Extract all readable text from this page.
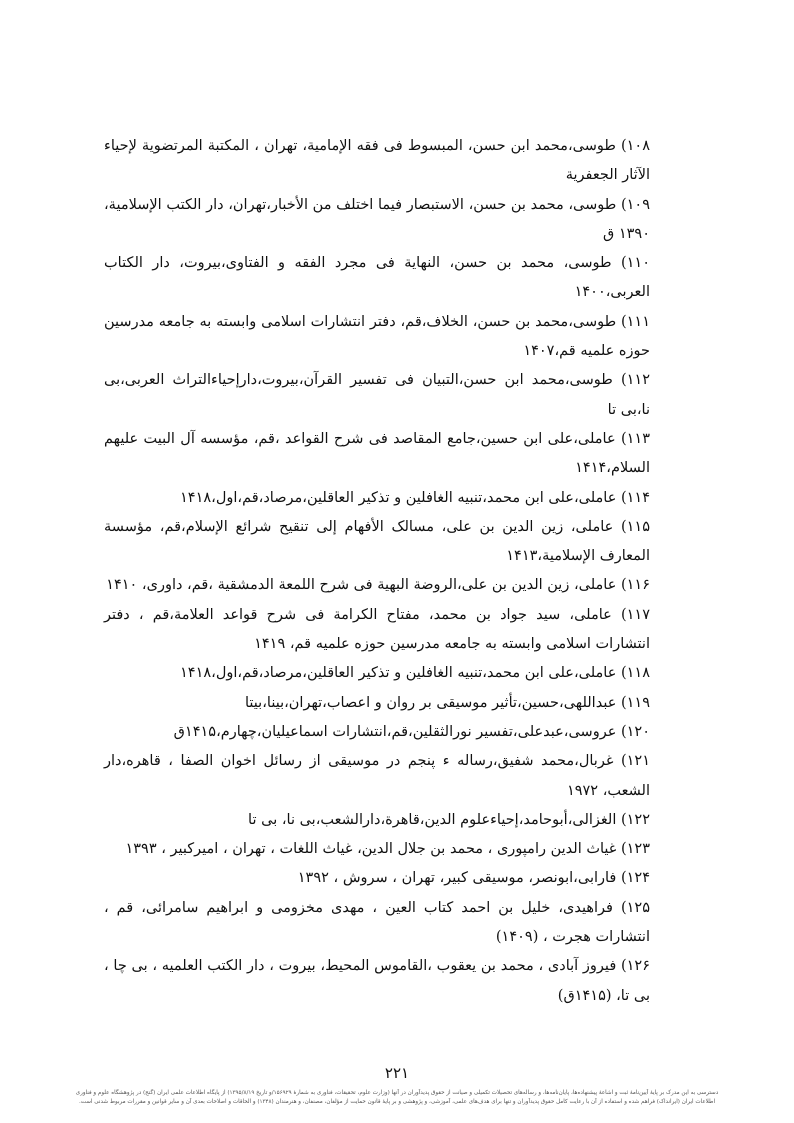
١٠٨) طوسی،محمد ابن حسن، المبسوط فی فقه الإمامیة، تهران ، المکتبة المرتضویة لإحیاء الآثار الجعفریة

١٠٩) طوسی، محمد بن حسن، الاستبصار فیما اختلف من الأخبار،تهران، دار الکتب الإسلامیة، ١٣٩٠ ق

١١٠) طوسی، محمد بن حسن، النهایة فی مجرد الفقه و الفتاوی،بیروت، دار الکتاب العربی،١۴٠٠

١١١) طوسی،محمد بن حسن، الخلاف،قم، دفتر انتشارات اسلامی وابسته به جامعه مدرسین حوزه علمیه قم،١۴٠٧

١١٢) طوسی،محمد ابن حسن،التبیان فی تفسیر القرآن،بیروت،دارإحیاءالتراث العربی،بی نا،بی تا

١١٣) عاملی،علی ابن حسین،جامع المقاصد فی شرح القواعد ،قم، مؤسسه آل البیت علیهم السلام،١۴١۴

١١۴) عاملی،علی ابن محمد،تنبیه الغافلین و تذکیر العاقلین،مرصاد،قم،اول،١۴١٨

١١۵) عاملی، زین الدین بن علی، مسالک الأفهام إلی تنقیح شرائع الإسلام،قم، مؤسسة المعارف الإسلامیة،١۴١٣

١١۶) عاملی، زین الدین بن علی،الروضة البهیة فی شرح اللمعة الدمشقیة ،قم، داوری، ١۴١٠

١١٧) عاملی، سید جواد بن محمد، مفتاح الکرامة فی شرح قواعد العلامة،قم ، دفتر انتشارات اسلامی وابسته به جامعه مدرسین حوزه علمیه قم، ١۴١٩

١١٨) عاملی،علی ابن محمد،تنبیه الغافلین و تذکیر العاقلین،مرصاد،قم،اول،١۴١٨

١١٩) عبداللهی،حسین،تأثیر موسیقی بر روان و اعصاب،تهران،بینا،بیتا

١٢٠) عروسی،عبدعلی،تفسیر نورالثقلین،قم،انتشارات اسماعیلیان،چهارم،١۴١۵ق

١٢١) غربال،محمد شفیق،رساله ء پنجم در موسیقی از رسائل اخوان الصفا ، قاهره،دار الشعب، ١٩٧٢

١٢٢) الغزالی،أبوحامد،إحیاءعلوم الدین،قاهرة،دارالشعب،بی نا، بی تا

١٢٣) غیاث الدین رامپوری ، محمد بن جلال الدین، غیاث اللغات ، تهران ، امیرکبیر ، ١٣٩٣

١٢۴) فارابی،ابونصر، موسیقی کبیر، تهران ، سروش ، ١٣٩٢

١٢۵) فراهیدی، خلیل بن احمد کتاب العین ، مهدی مخزومی و ابراهیم سامرائی، قم ، انتشارات هجرت ، (١۴٠٩)

١٢۶) فیروز آبادی ، محمد بن یعقوب ،القاموس المحیط، بیروت ، دار الکتب العلمیه ، بی چا ، بی تا، (١۴١۵ق)

٢٢١
دسترسی به این مدرک بر پایهٔ آیین‌نامهٔ ثبت و اشاعهٔ پیشنهاده‌ها، پایان‌نامه‌ها، و رساله‌های تحصیلات تکمیلی و صیانت از حقوق پدیدآوران در آنها (وزارت علوم، تحقیقات، فناوری به شمارهٔ ١۵۶٩٢٩/و تاریخ ١٣٩۵/٨/١٩) از پایگاه اطلاعات علمی ایران (گنج) در پژوهشگاه علوم و فناوری
اطلاعات ایران (ایرانداک) فراهم شده و استفاده از آن با رعایت کامل حقوق پدیدآوران و تنها برای هدف‌های علمی، آموزشی، و پژوهشی و بر پایهٔ قانون حمایت از مؤلفان، مصنفان، و هنرمندان (١٣۴٨) و الحاقات و اصلاحات بعدی آن و سایر قوانین و مقررات مربوط شدنی است.
